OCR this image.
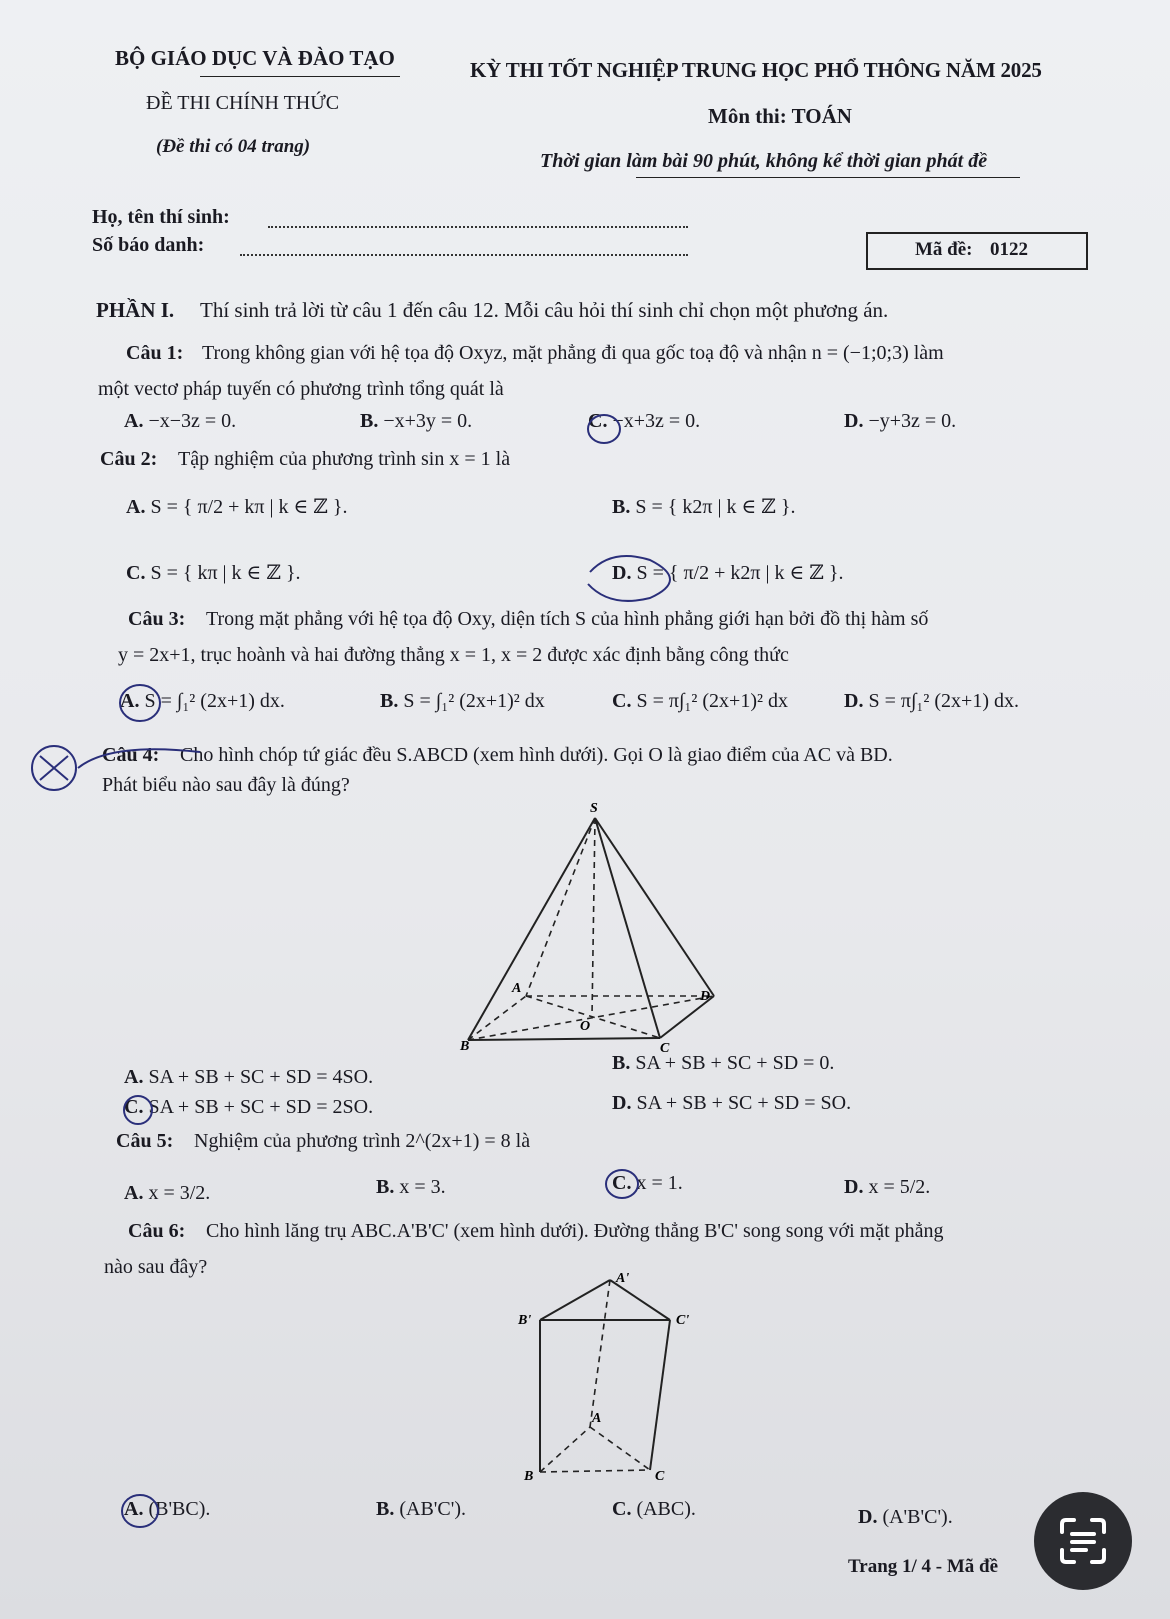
BỘ GIÁO DỤC VÀ ĐÀO TẠO
ĐỀ THI CHÍNH THỨC
(Đề thi có 04 trang)
KỲ THI TỐT NGHIỆP TRUNG HỌC PHỔ THÔNG NĂM 2025
Môn thi: TOÁN
Thời gian làm bài 90 phút, không kể thời gian phát đề
Họ, tên thí sinh:
Số báo danh:	Mã đề: 0122
PHẦN I. Thí sinh trả lời từ câu 1 đến câu 12. Mỗi câu hỏi thí sinh chỉ chọn một phương án.
Câu 1: Trong không gian với hệ tọa độ Oxyz, mặt phẳng đi qua gốc toạ độ và nhận n = (−1;0;3) làm
một vectơ pháp tuyến có phương trình tổng quát là
A. −x−3z = 0.	B. −x+3y = 0.	C. −x+3z = 0.	D. −y+3z = 0.
Câu 2: Tập nghiệm của phương trình sin x = 1 là
A. S = { π/2 + kπ | k ∈ ℤ }.	B. S = { k2π | k ∈ ℤ }.
C. S = { kπ | k ∈ ℤ }.	D. S = { π/2 + k2π | k ∈ ℤ }.
Câu 3: Trong mặt phẳng với hệ tọa độ Oxy, diện tích S của hình phẳng giới hạn bởi đồ thị hàm số
y = 2x+1, trục hoành và hai đường thẳng x = 1, x = 2 được xác định bằng công thức
A. S = ∫₁² (2x+1) dx.	B. S = ∫₁² (2x+1)² dx	C. S = π∫₁² (2x+1)² dx	D. S = π∫₁² (2x+1) dx.
Câu 4: Cho hình chóp tứ giác đều S.ABCD (xem hình dưới). Gọi O là giao điểm của AC và BD.
Phát biểu nào sau đây là đúng?
S
A
B	C
D
O
A. SA + SB + SC + SD = 4SO.
B. SA + SB + SC + SD = 0.
C. SA + SB + SC + SD = 2SO.	D. SA + SB + SC + SD = SO.
Câu 5: Nghiệm của phương trình 2^(2x+1) = 8 là
A. x = 3/2.	B. x = 3.	C. x = 1.	D. x = 5/2.
Câu 6: Cho hình lăng trụ ABC.A'B'C' (xem hình dưới). Đường thẳng B'C' song song với mặt phẳng
nào sau đây?
A'
B'	C'
A
B	C
A. (B'BC).	B. (AB'C').	C. (ABC).	D. (A'B'C').
Trang 1/ 4 - Mã đề
